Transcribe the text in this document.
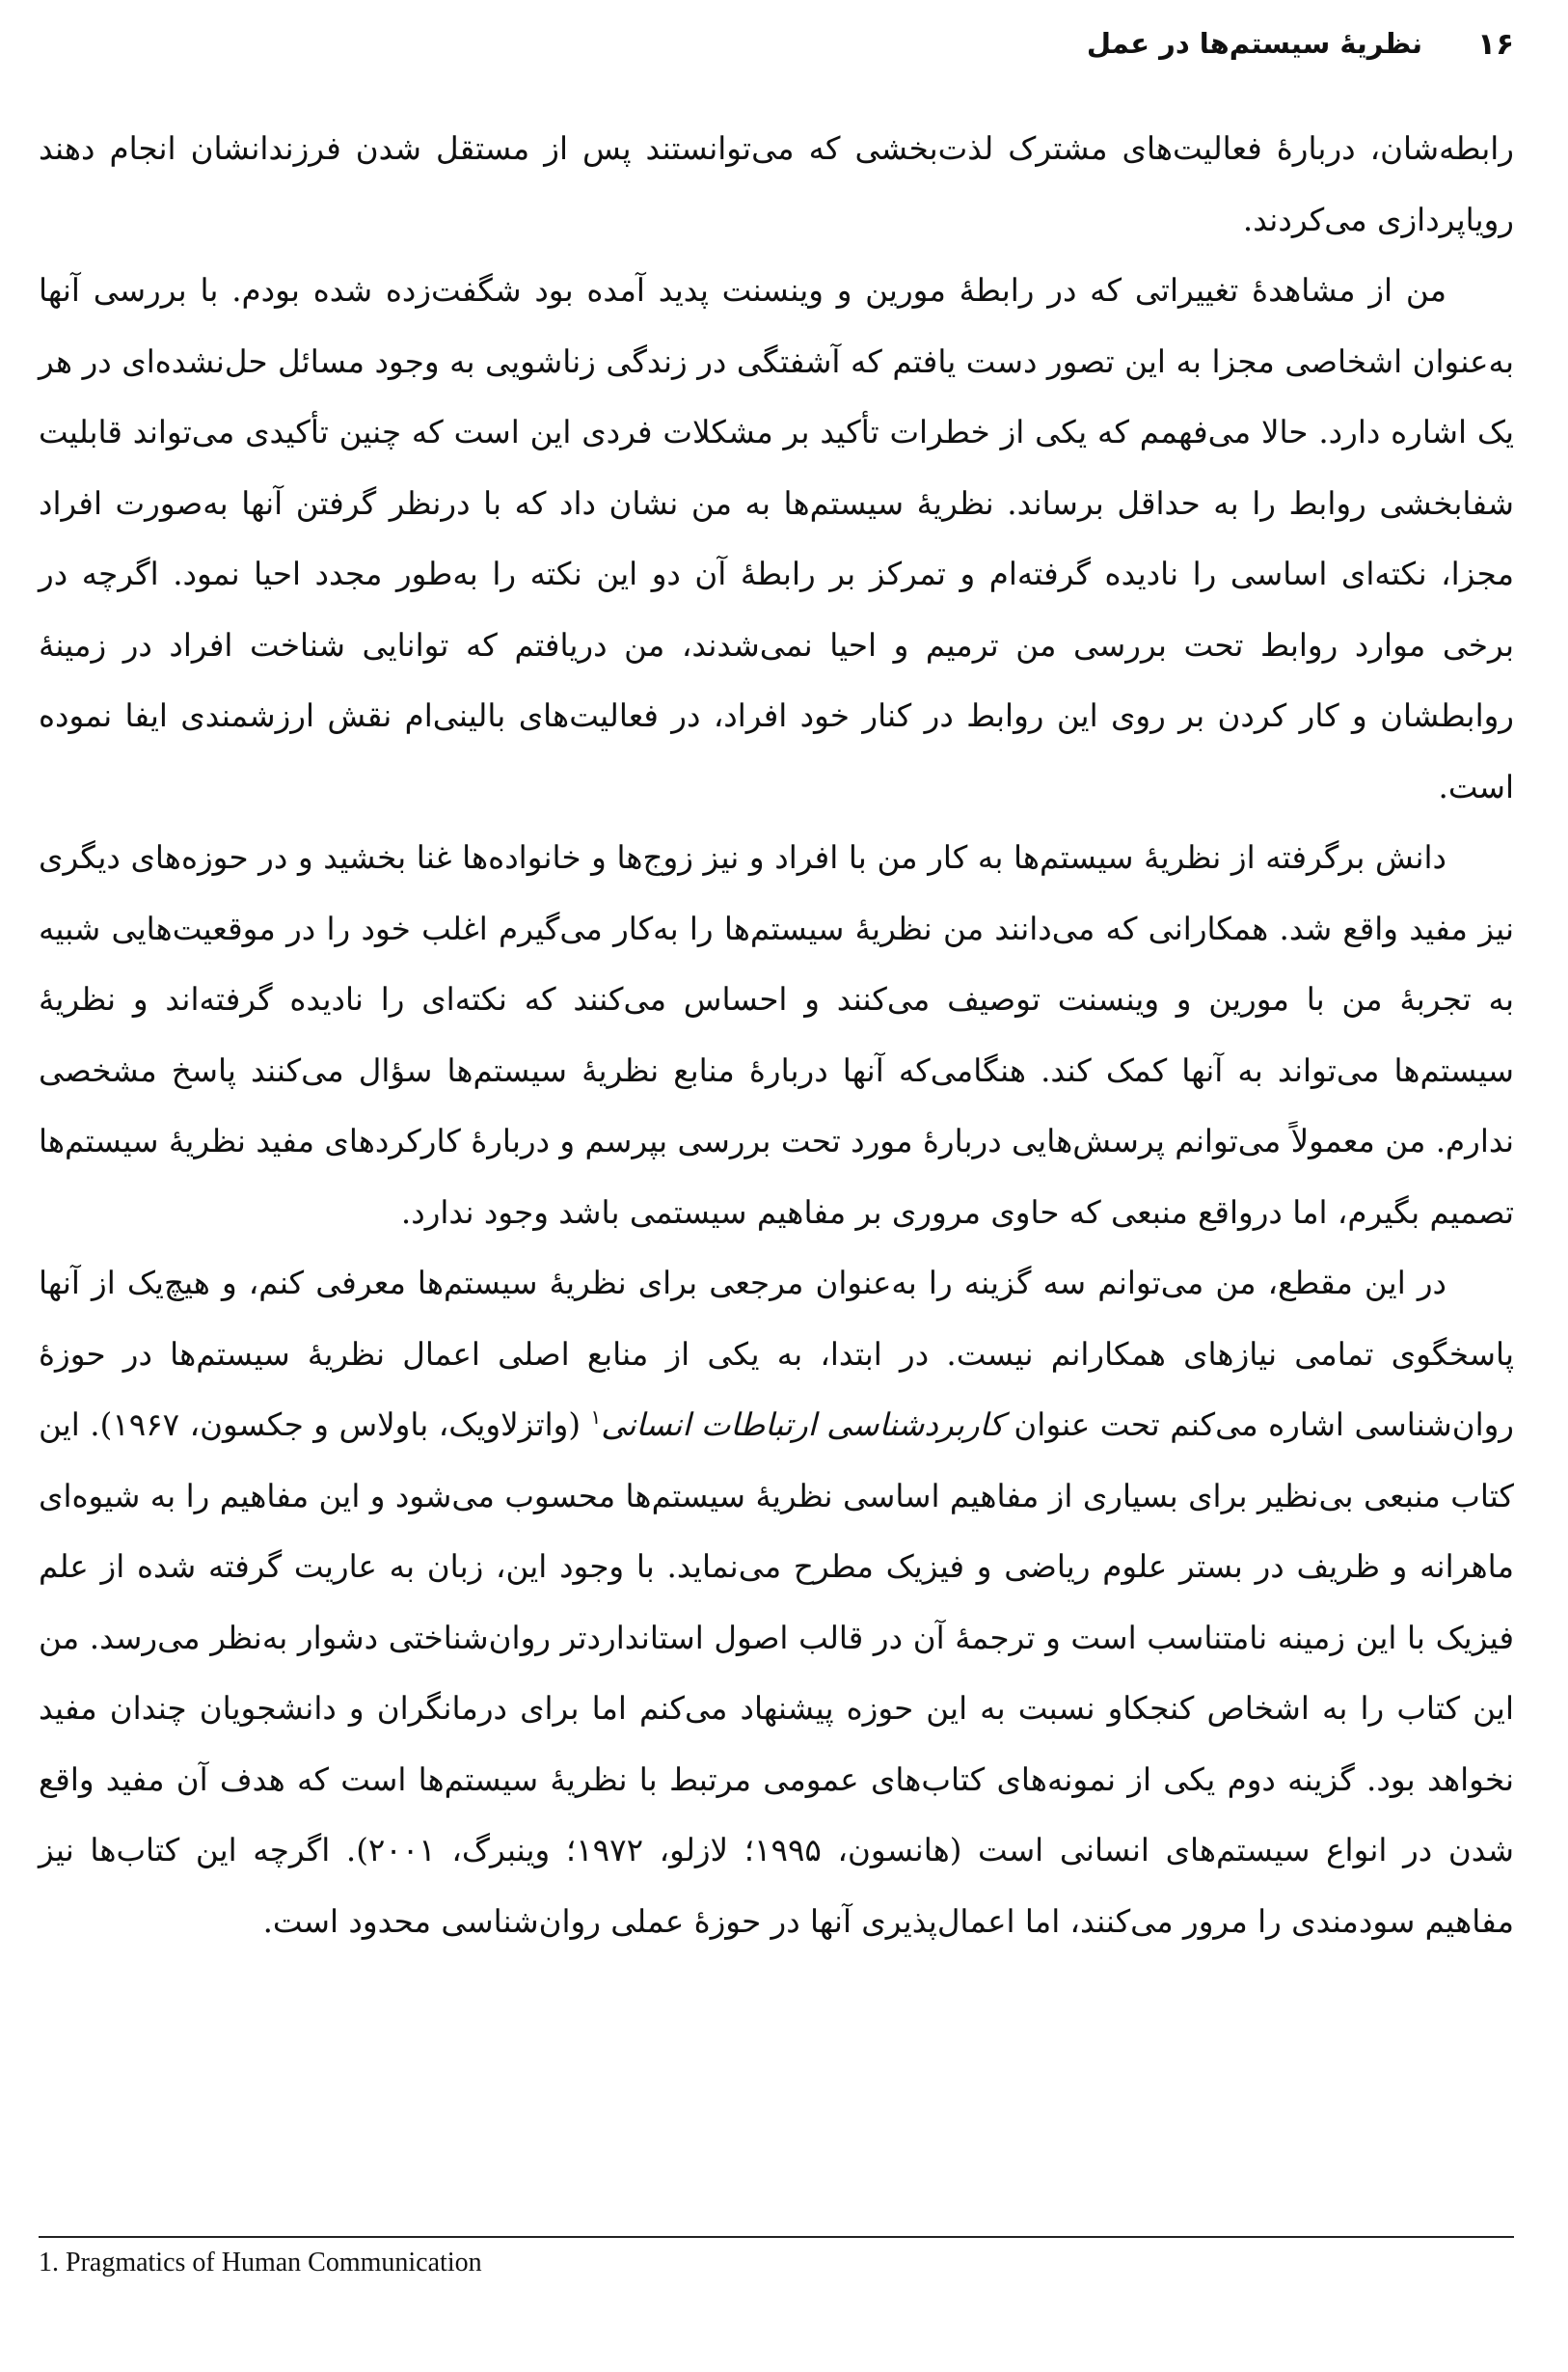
۱۶
نظریهٔ سیستم‌ها در عمل

رابطه‌شان، دربارهٔ فعالیت‌های مشترک لذت‌بخشی که می‌توانستند پس از مستقل شدن فرزندانشان انجام دهند رویاپردازی می‌کردند.

من از مشاهدهٔ تغییراتی که در رابطهٔ مورین و وینسنت پدید آمده بود شگفت‌زده شده بودم. با بررسی آنها به‌عنوان اشخاصی مجزا به این تصور دست یافتم که آشفتگی در زندگی زناشویی به وجود مسائل حل‌نشده‌ای در هر یک اشاره دارد. حالا می‌فهمم که یکی از خطرات تأکید بر مشکلات فردی این است که چنین تأکیدی می‌تواند قابلیت شفابخشی روابط را به حداقل برساند. نظریهٔ سیستم‌ها به من نشان داد که با درنظر گرفتن آنها به‌صورت افراد مجزا، نکته‌ای اساسی را نادیده گرفته‌ام و تمرکز بر رابطهٔ آن دو این نکته را به‌طور مجدد احیا نمود. اگرچه در برخی موارد روابط تحت بررسی من ترمیم و احیا نمی‌شدند، من دریافتم که توانایی شناخت افراد در زمینهٔ روابطشان و کار کردن بر روی این روابط در کنار خود افراد، در فعالیت‌های بالینی‌ام نقش ارزشمندی ایفا نموده است.

دانش برگرفته از نظریهٔ سیستم‌ها به کار من با افراد و نیز زوج‌ها و خانواده‌ها غنا بخشید و در حوزه‌های دیگری نیز مفید واقع شد. همکارانی که می‌دانند من نظریهٔ سیستم‌ها را به‌کار می‌گیرم اغلب خود را در موقعیت‌هایی شبیه به تجربهٔ من با مورین و وینسنت توصیف می‌کنند و احساس می‌کنند که نکته‌ای را نادیده گرفته‌اند و نظریهٔ سیستم‌ها می‌تواند به آنها کمک کند. هنگامی‌که آنها دربارهٔ منابع نظریهٔ سیستم‌ها سؤال می‌کنند پاسخ مشخصی ندارم. من معمولاً می‌توانم پرسش‌هایی دربارهٔ مورد تحت بررسی بپرسم و دربارهٔ کارکردهای مفید نظریهٔ سیستم‌ها تصمیم بگیرم، اما درواقع منبعی که حاوی مروری بر مفاهیم سیستمی باشد وجود ندارد.

در این مقطع، من می‌توانم سه گزینه را به‌عنوان مرجعی برای نظریهٔ سیستم‌ها معرفی کنم، و هیچ‌یک از آنها پاسخگوی تمامی نیازهای همکارانم نیست. در ابتدا، به یکی از منابع اصلی اعمال نظریهٔ سیستم‌ها در حوزهٔ روان‌شناسی اشاره می‌کنم تحت عنوان کاربردشناسی ارتباطات انسانی$^۱$ (واتزلاویک، باولاس و جکسون، ۱۹۶۷). این کتاب منبعی بی‌نظیر برای بسیاری از مفاهیم اساسی نظریهٔ سیستم‌ها محسوب می‌شود و این مفاهیم را به شیوه‌ای ماهرانه و ظریف در بستر علوم ریاضی و فیزیک مطرح می‌نماید. با وجود این، زبان به عاریت گرفته شده از علم فیزیک با این زمینه نامتناسب است و ترجمهٔ آن در قالب اصول استانداردتر روان‌شناختی دشوار به‌نظر می‌رسد. من این کتاب را به اشخاص کنجکاو نسبت به این حوزه پیشنهاد می‌کنم اما برای درمانگران و دانشجویان چندان مفید نخواهد بود. گزینه دوم یکی از نمونه‌های کتاب‌های عمومی مرتبط با نظریهٔ سیستم‌ها است که هدف آن مفید واقع شدن در انواع سیستم‌های انسانی است (هانسون، ۱۹۹۵؛ لازلو، ۱۹۷۲؛ وینبرگ، ۲۰۰۱). اگرچه این کتاب‌ها نیز مفاهیم سودمندی را مرور می‌کنند، اما اعمال‌پذیری آنها در حوزهٔ عملی روان‌شناسی محدود است.

1. Pragmatics of Human Communication
